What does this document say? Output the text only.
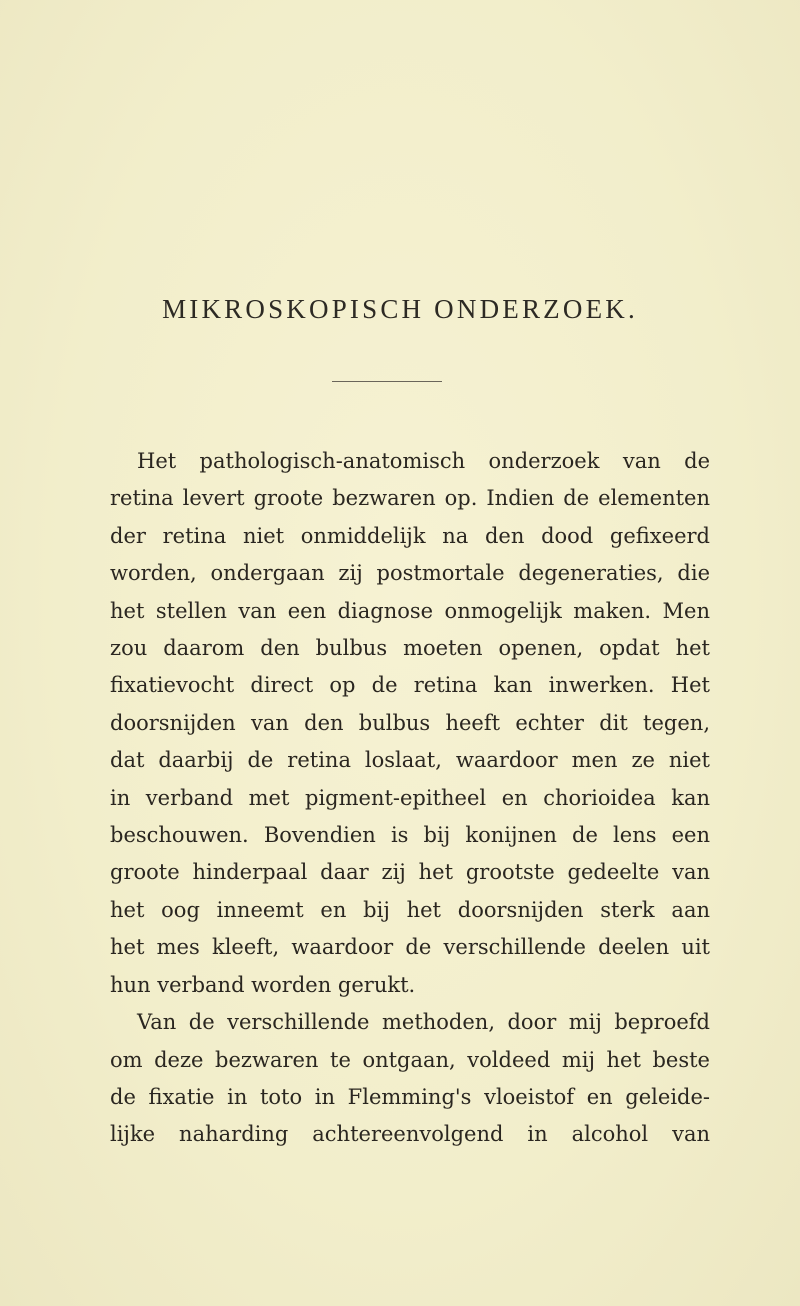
MIKROSKOPISCH ONDERZOEK.
Het pathologisch-anatomisch onderzoek van de
retina levert groote bezwaren op. Indien de elementen
der retina niet onmiddelijk na den dood gefixeerd
worden, ondergaan zij postmortale degeneraties, die
het stellen van een diagnose onmogelijk maken. Men
zou daarom den bulbus moeten openen, opdat het
fixatievocht direct op de retina kan inwerken. Het
doorsnijden van den bulbus heeft echter dit tegen,
dat daarbij de retina loslaat, waardoor men ze niet
in verband met pigment-epitheel en chorioidea kan
beschouwen. Bovendien is bij konijnen de lens een
groote hinderpaal daar zij het grootste gedeelte van
het oog inneemt en bij het doorsnijden sterk aan
het mes kleeft, waardoor de verschillende deelen uit
hun verband worden gerukt.
Van de verschillende methoden, door mij beproefd
om deze bezwaren te ontgaan, voldeed mij het beste
de fixatie in toto in Flemming's vloeistof en geleide-
lijke naharding achtereenvolgend in alcohol van
